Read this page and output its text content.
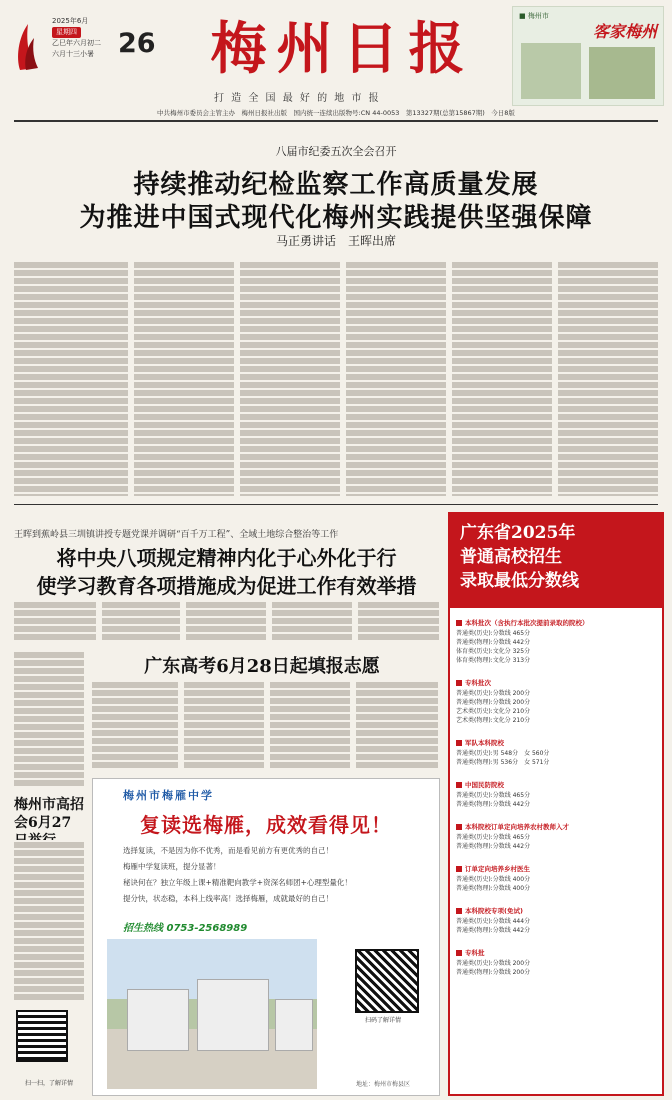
2025年6月
星期四
乙巳年六月初二
六月十三小暑 26 梅州日报
打 造 全 国 最 好 的 地 市 报
■ 梅州市
客家梅州
中共梅州市委员会主管主办　梅州日报社出版　国内统一连续出版物号:CN 44-0053　第13327期(总第15867期)　今日8版
八届市纪委五次全会召开
持续推动纪检监察工作高质量发展
为推进中国式现代化梅州实践提供坚强保障
马正勇讲话　王晖出席
王晖到蕉岭县三圳镇讲授专题党课并调研“百千万工程”、全域土地综合整治等工作
将中央八项规定精神内化于心外化于行
使学习教育各项措施成为促进工作有效举措
广东高考6月28日起填报志愿
梅州市高招会6月27
扫一扫，了解详情
梅州市梅雁中学
复读选梅雁，成效看得见！
选择复读，不是因为你不优秀，而是看见前方有更优秀的自己！
梅雁中学复读班，提分显著！
秘诀何在？独立年级上课+精准靶向教学+资深名师团+心理型量化！
提分快，状态稳，本科上线率高！选择梅雁，成就最好的自己！
招生热线 0753-2568989
扫码了解详情
地址：梅州市梅县区
广东省2025年
普通高校招生
录取最低分数线
本科批次（含执行本批次提前录取的院校）
普通类(历史):分数线 465分
普通类(物理):分数线 442分
体育类(历史):文化分 325分
体育类(物理):文化分 313分
专科批次
普通类(历史):分数线 200分
普通类(物理):分数线 200分
艺术类(历史):文化分 210分
艺术类(物理):文化分 210分
军队本科院校
普通类(历史):男 548分　女 560分
普通类(物理):男 536分　女 571分
中国民防院校
普通类(历史):分数线 465分
普通类(物理):分数线 442分
本科院校订单定向培养农村教师入才
普通类(历史):分数线 465分
普通类(物理):分数线 442分
订单定向培养乡村医生
普通类(历史):分数线 400分
普通类(物理):分数线 400分
本科院校专项(免试)
普通类(历史):分数线 444分
普通类(物理):分数线 442分
专科批
普通类(历史):分数线 200分
普通类(物理):分数线 200分
